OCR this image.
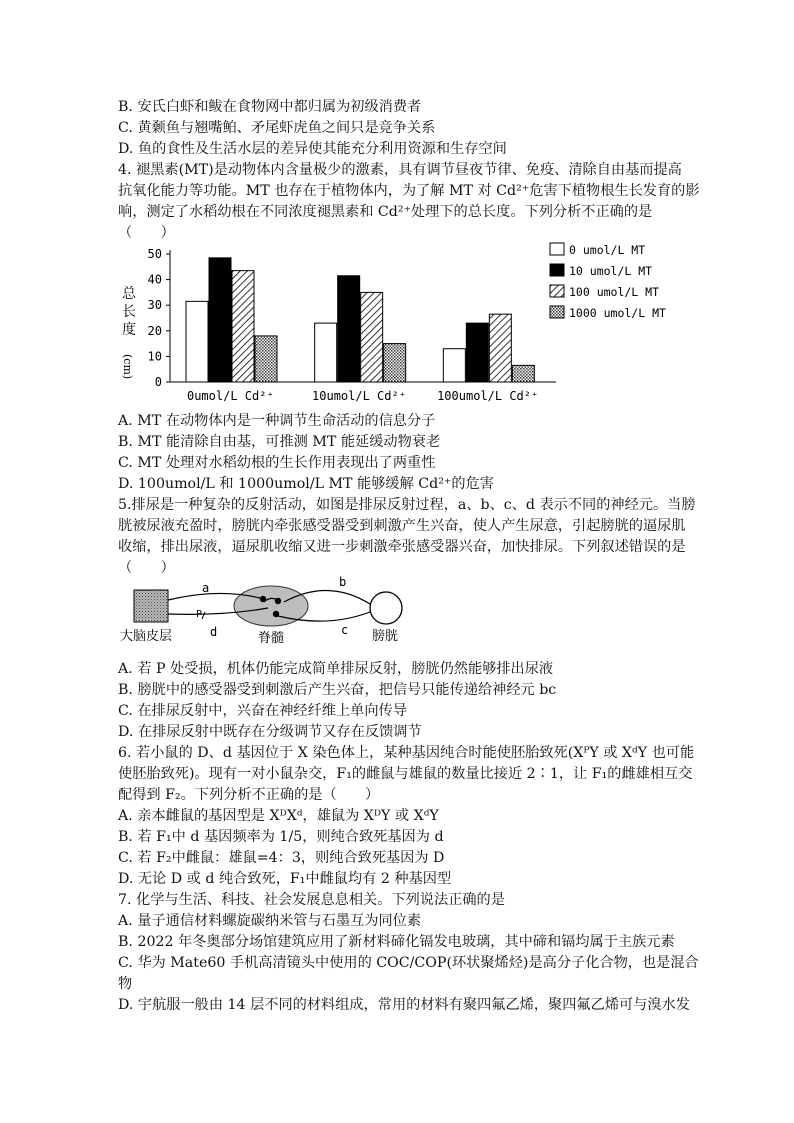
B. 安氏白虾和鲅在食物网中都归属为初级消费者
C. 黄颡鱼与翘嘴鲌、矛尾虾虎鱼之间只是竞争关系
D. 鱼的食性及生活水层的差异使其能充分利用资源和生存空间
4. 褪黑素(MT)是动物体内含量极少的激素，具有调节昼夜节律、免疫、清除自由基而提高
抗氧化能力等功能。MT 也存在于植物体内，为了解 MT 对 Cd²⁺危害下植物根生长发育的影
响，测定了水稻幼根在不同浓度褪黑素和 Cd²⁺处理下的总长度。下列分析不正确的是
（　　）
总
长
度
(cm)
0
10
20
30
40
50
0umol/L Cd²⁺	10umol/L Cd²⁺	100umol/L Cd²⁺
0 umol/L MT
10 umol/L MT
100 umol/L MT
1000 umol/L MT
A. MT 在动物体内是一种调节生命活动的信息分子
B. MT 能清除自由基，可推测 MT 能延缓动物衰老
C. MT 处理对水稻幼根的生长作用表现出了两重性
D. 100umol/L 和 1000umol/L MT 能够缓解 Cd²⁺的危害
5.排尿是一种复杂的反射活动，如图是排尿反射过程，a、b、c、d 表示不同的神经元。当膀
胱被尿液充盈时，膀胱内牵张感受器受到刺激产生兴奋，使人产生尿意，引起膀胱的逼尿肌
收缩，排出尿液，逼尿肌收缩又进一步刺激牵张感受器兴奋，加快排尿。下列叙述错误的是
（　　）
a	b
c
d
P
大脑皮层	脊髓	膀胱
A. 若 P 处受损，机体仍能完成简单排尿反射，膀胱仍然能够排出尿液
B. 膀胱中的感受器受到刺激后产生兴奋，把信号只能传递给神经元 bc
C. 在排尿反射中，兴奋在神经纤维上单向传导
D. 在排尿反射中既存在分级调节又存在反馈调节
6. 若小鼠的 D、d 基因位于 X 染色体上，某种基因纯合时能使胚胎致死(XᴾY 或 XᵈY 也可能
使胚胎致死)。现有一对小鼠杂交，F₁的雌鼠与雄鼠的数量比接近 2∶1，让 F₁的雌雄相互交
配得到 F₂。下列分析不正确的是（　　）
A. 亲本雌鼠的基因型是 XᴰXᵈ，雄鼠为 XᴰY 或 XᵈY
B. 若 F₁中 d 基因频率为 1/5，则纯合致死基因为 d
C. 若 F₂中雌鼠：雄鼠=4：3，则纯合致死基因为 D
D. 无论 D 或 d 纯合致死，F₁中雌鼠均有 2 种基因型
7. 化学与生活、科技、社会发展息息相关。下列说法正确的是
A. 量子通信材料螺旋碳纳米管与石墨互为同位素
B. 2022 年冬奥部分场馆建筑应用了新材料碲化镉发电玻璃，其中碲和镉均属于主族元素
C. 华为 Mate60 手机高清镜头中使用的 COC/COP(环状聚烯烃)是高分子化合物，也是混合
物
D. 宇航服一般由 14 层不同的材料组成，常用的材料有聚四氟乙烯，聚四氟乙烯可与溴水发
